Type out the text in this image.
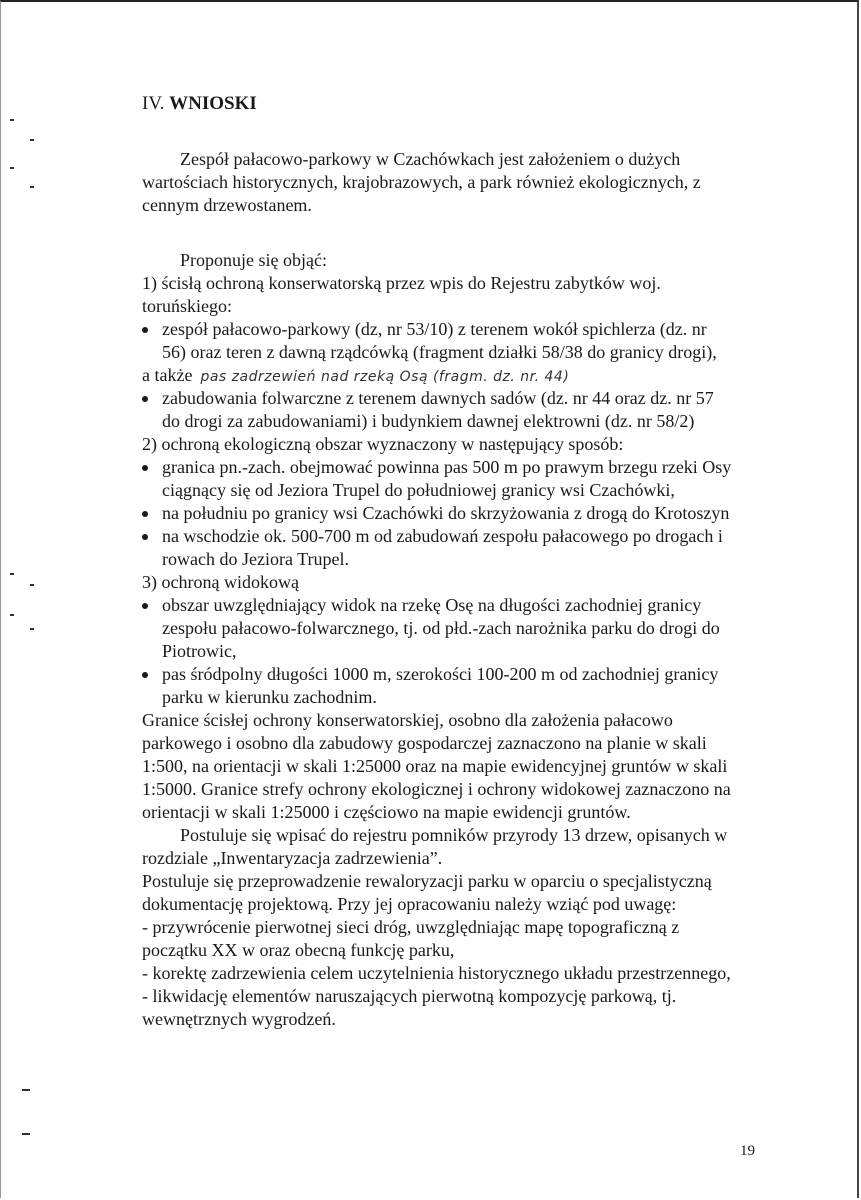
IV. WNIOSKI
Zespół pałacowo-parkowy w Czachówkach jest założeniem o dużych
wartościach historycznych, krajobrazowych, a park również ekologicznych, z
cennym drzewostanem.
Proponuje się objąć:
1) ścisłą ochroną konserwatorską przez wpis do Rejestru zabytków woj.
toruńskiego:
zespół pałacowo-parkowy (dz, nr 53/10) z terenem wokół spichlerza (dz. nr
56) oraz teren z dawną rządcówką (fragment działki 58/38 do granicy drogi),
a także pas zadrzewień nad rzeką Osą (fragm. dz. nr. 44)
zabudowania folwarczne z terenem dawnych sadów (dz. nr 44 oraz dz. nr 57
do drogi za zabudowaniami) i budynkiem dawnej elektrowni (dz. nr 58/2)
2) ochroną ekologiczną obszar wyznaczony w następujący sposób:
granica pn.-zach. obejmować powinna pas 500 m po prawym brzegu rzeki Osy
ciągnący się od Jeziora Trupel do południowej granicy wsi Czachówki,
na południu po granicy wsi Czachówki do skrzyżowania z drogą do Krotoszyn
na wschodzie ok. 500-700 m od zabudowań zespołu pałacowego po drogach i
rowach do Jeziora Trupel.
3) ochroną widokową
obszar uwzględniający widok na rzekę Osę na długości zachodniej granicy
zespołu pałacowo-folwarcznego, tj. od płd.-zach narożnika parku do drogi do
Piotrowic,
pas śródpolny długości 1000 m, szerokości 100-200 m od zachodniej granicy
parku w kierunku zachodnim.
Granice ścisłej ochrony konserwatorskiej, osobno dla założenia pałacowo
parkowego i osobno dla zabudowy gospodarczej zaznaczono na planie w skali
1:500, na orientacji w skali 1:25000 oraz na mapie ewidencyjnej gruntów w skali
1:5000. Granice strefy ochrony ekologicznej i ochrony widokowej zaznaczono na
orientacji w skali 1:25000 i częściowo na mapie ewidencji gruntów.
Postuluje się wpisać do rejestru pomników przyrody 13 drzew, opisanych w
rozdziale „Inwentaryzacja zadrzewienia”.
Postuluje się przeprowadzenie rewaloryzacji parku w oparciu o specjalistyczną
dokumentację projektową. Przy jej opracowaniu należy wziąć pod uwagę:
- przywrócenie pierwotnej sieci dróg, uwzględniając mapę topograficzną z
początku XX w oraz obecną funkcję parku,
- korektę zadrzewienia celem uczytelnienia historycznego układu przestrzennego,
- likwidację elementów naruszających pierwotną kompozycję parkową, tj.
wewnętrznych wygrodzeń.
19
